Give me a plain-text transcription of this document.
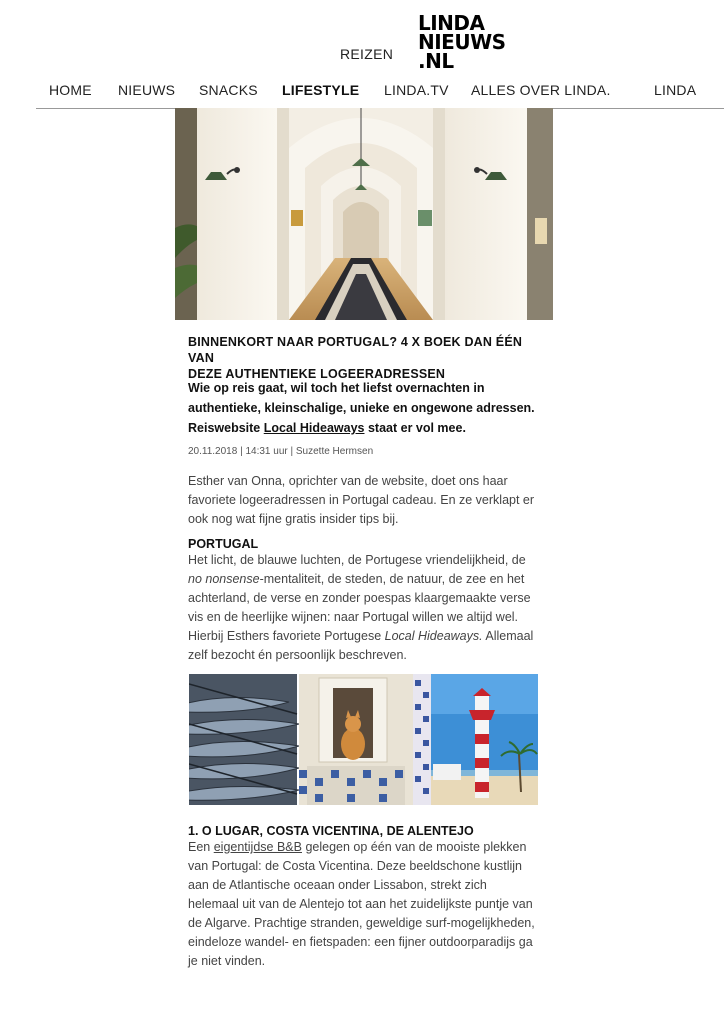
REIZEN
LINDA
NIEUWS
.NL
HOME NIEUWS SNACKS LIFESTYLE LINDA.TV ALLES OVER LINDA.	LINDA
BINNENKORT NAAR PORTUGAL? 4 X BOEK DAN ÉÉN VAN
DEZE AUTHENTIEKE LOGEERADRESSEN
Wie op reis gaat, wil toch het liefst overnachten in
authentieke, kleinschalige, unieke en ongewone adressen.
Reiswebsite Local Hideaways staat er vol mee.
20.11.2018 | 14:31 uur | Suzette Hermsen
Esther van Onna, oprichter van de website, doet ons haar
favoriete logeeradressen in Portugal cadeau. En ze verklapt er
ook nog wat fijne gratis insider tips bij.
PORTUGAL
Het licht, de blauwe luchten, de Portugese vriendelijkheid, de
no nonsense-mentaliteit, de steden, de natuur, de zee en het
achterland, de verse en zonder poespas klaargemaakte verse
vis en de heerlijke wijnen: naar Portugal willen we altijd wel.
Hierbij Esthers favoriete Portugese Local Hideaways. Allemaal
zelf bezocht én persoonlijk beschreven.
1. O LUGAR, COSTA VICENTINA, DE ALENTEJO
Een eigentijdse B&B gelegen op één van de mooiste plekken
van Portugal: de Costa Vicentina. Deze beeldschone kustlijn
aan de Atlantische oceaan onder Lissabon, strekt zich
helemaal uit van de Alentejo tot aan het zuidelijkste puntje van
de Algarve. Prachtige stranden, geweldige surf-mogelijkheden,
eindeloze wandel- en fietspaden: een fijner outdoorparadijs ga
je niet vinden.
